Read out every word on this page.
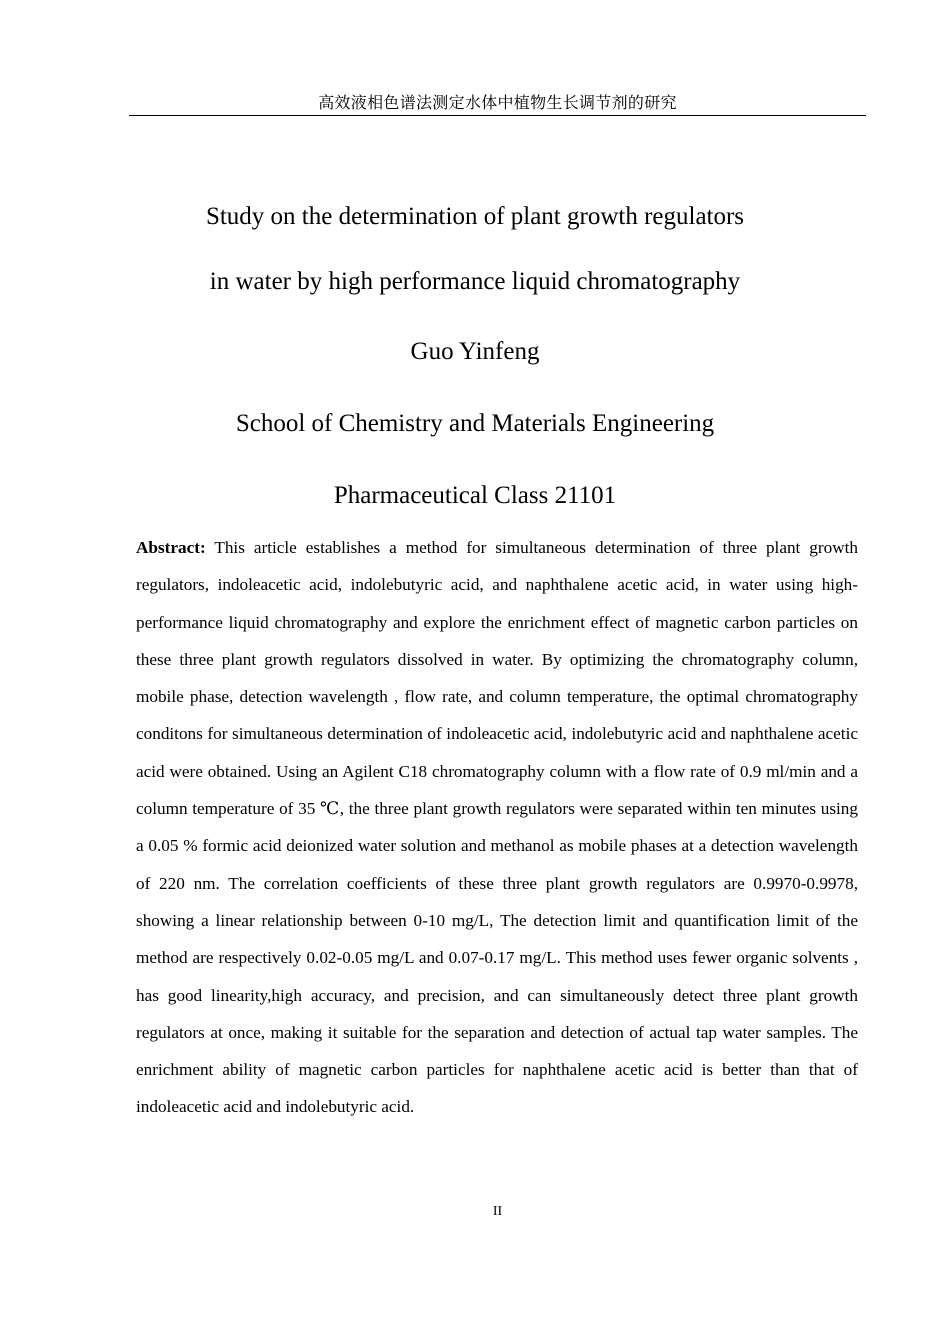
高效液相色谱法测定水体中植物生长调节剂的研究
Study on the determination of plant growth regulators
in water by high performance liquid chromatography
Guo Yinfeng
School of Chemistry and Materials Engineering
Pharmaceutical Class 21101

Abstract: This article establishes a method for simultaneous determination of three plant growth regulators, indoleacetic acid, indolebutyric acid, and naphthalene acetic acid, in water using high-performance liquid chromatography and explore the enrichment effect of magnetic carbon particles on these three plant growth regulators dissolved in water. By optimizing the chromatography column, mobile phase, detection wavelength , flow rate, and column temperature, the optimal chromatography conditons for simultaneous determination of indoleacetic acid, indolebutyric acid and naphthalene acetic acid were obtained. Using an Agilent C18 chromatography column with a flow rate of 0.9 ml/min and a column temperature of 35 ℃, the three plant growth regulators were separated within ten minutes using a 0.05 % formic acid deionized water solution and methanol as mobile phases at a detection wavelength of 220 nm. The correlation coefficients of these three plant growth regulators are 0.9970-0.9978, showing a linear relationship between 0-10 mg/L, The detection limit and quantification limit of the method are respectively 0.02-0.05 mg/L and 0.07-0.17 mg/L. This method uses fewer organic solvents , has good linearity,high accuracy, and precision, and can simultaneously detect three plant growth regulators at once, making it suitable for the separation and detection of actual tap water samples. The enrichment ability of magnetic carbon particles for naphthalene acetic acid is better than that of indoleacetic acid and indolebutyric acid.

II
